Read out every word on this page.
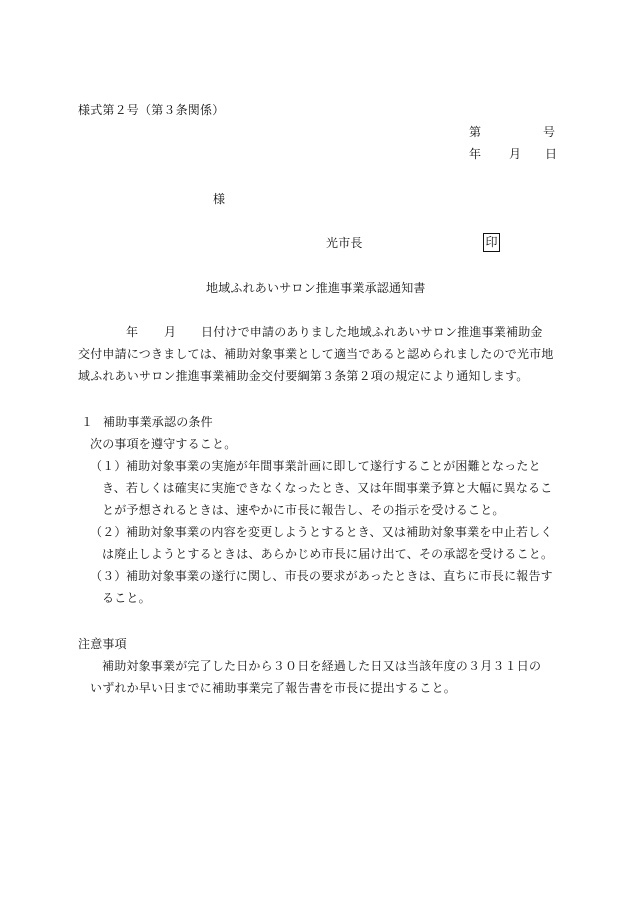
様式第２号（第３条関係）
第	号
年 月 日
様
光市長	印
地域ふれあいサロン推進事業承認通知書
年 月 日付けで申請のありました地域ふれあいサロン推進事業補助金
交付申請につきましては、補助対象事業として適当であると認められましたので光市地
域ふれあいサロン推進事業補助金交付要綱第３条第２項の規定により通知します。
１ 補助事業承認の条件
次の事項を遵守すること。
（１） 補助対象事業の実施が年間事業計画に即して遂行することが困難となったと
き、若しくは確実に実施できなくなったとき、又は年間事業予算と大幅に異なるこ
とが予想されるときは、速やかに市長に報告し、その指示を受けること。
（２） 補助対象事業の内容を変更しようとするとき、又は補助対象事業を中止若しく
は廃止しようとするときは、あらかじめ市長に届け出て、その承認を受けること。
（３） 補助対象事業の遂行に関し、市長の要求があったときは、直ちに市長に報告す
ること。
注意事項
補助対象事業が完了した日から３０日を経過した日又は当該年度の３月３１日の
いずれか早い日までに補助事業完了報告書を市長に提出すること。
